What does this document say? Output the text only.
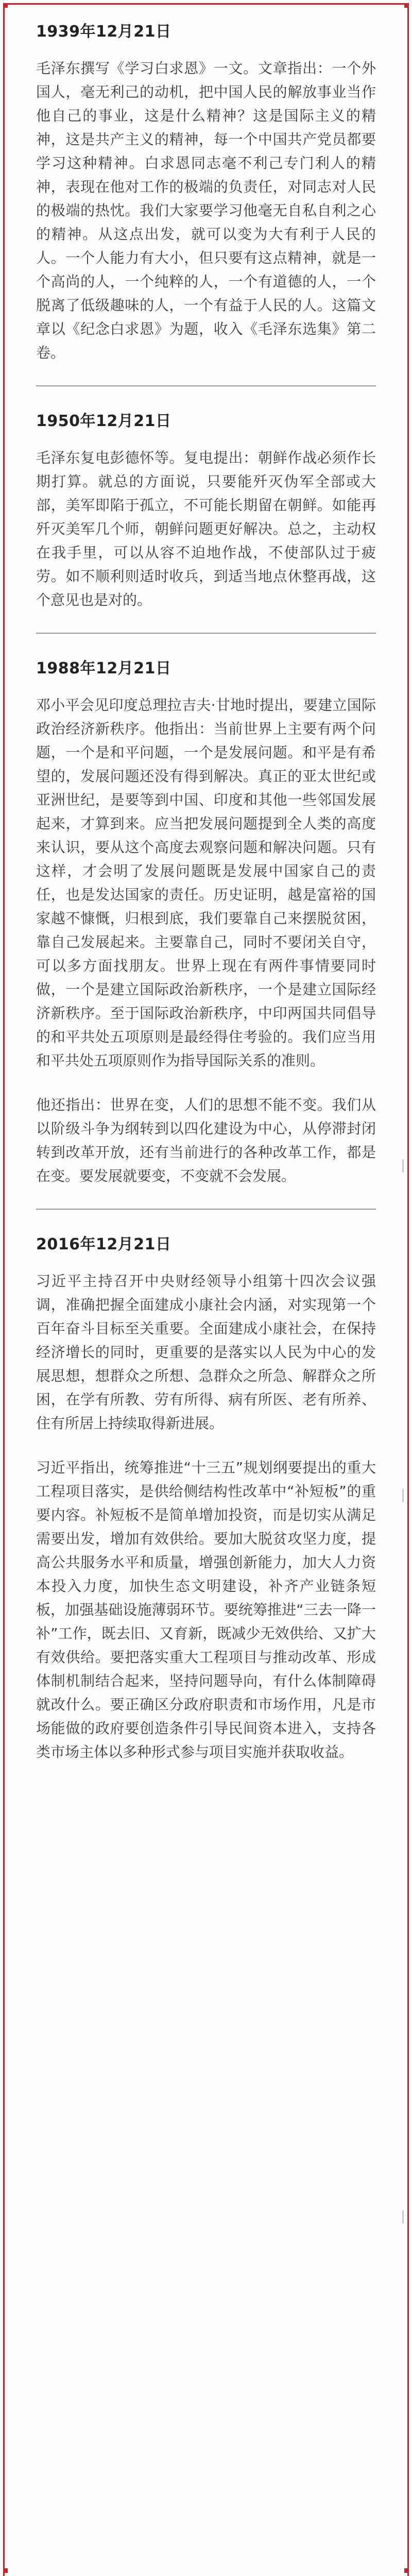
1939年12月21日

毛泽东撰写《学习白求恩》一文。文章指出：一个外国人，毫无利己的动机，把中国人民的解放事业当作他自己的事业，这是什么精神？这是国际主义的精神，这是共产主义的精神，每一个中国共产党员都要学习这种精神。白求恩同志毫不利己专门利人的精神，表现在他对工作的极端的负责任，对同志对人民的极端的热忱。我们大家要学习他毫无自私自利之心的精神。从这点出发，就可以变为大有利于人民的人。一个人能力有大小，但只要有这点精神，就是一个高尚的人，一个纯粹的人，一个有道德的人，一个脱离了低级趣味的人，一个有益于人民的人。这篇文章以《纪念白求恩》为题，收入《毛泽东选集》第二卷。

1950年12月21日

毛泽东复电彭德怀等。复电提出：朝鲜作战必须作长期打算。就总的方面说，只要能歼灭伪军全部或大部，美军即陷于孤立，不可能长期留在朝鲜。如能再歼灭美军几个师，朝鲜问题更好解决。总之，主动权在我手里，可以从容不迫地作战，不使部队过于疲劳。如不顺利则适时收兵，到适当地点休整再战，这个意见也是对的。

1988年12月21日

邓小平会见印度总理拉吉夫·甘地时提出，要建立国际政治经济新秩序。他指出：当前世界上主要有两个问题，一个是和平问题，一个是发展问题。和平是有希望的，发展问题还没有得到解决。真正的亚太世纪或亚洲世纪，是要等到中国、印度和其他一些邻国发展起来，才算到来。应当把发展问题提到全人类的高度来认识，要从这个高度去观察问题和解决问题。只有这样，才会明了发展问题既是发展中国家自己的责任，也是发达国家的责任。历史证明，越是富裕的国家越不慷慨，归根到底，我们要靠自己来摆脱贫困，靠自己发展起来。主要靠自己，同时不要闭关自守，可以多方面找朋友。世界上现在有两件事情要同时做，一个是建立国际政治新秩序，一个是建立国际经济新秩序。至于国际政治新秩序，中印两国共同倡导的和平共处五项原则是最经得住考验的。我们应当用和平共处五项原则作为指导国际关系的准则。

他还指出：世界在变，人们的思想不能不变。我们从以阶级斗争为纲转到以四化建设为中心，从停滞封闭转到改革开放，还有当前进行的各种改革工作，都是在变。要发展就要变，不变就不会发展。

2016年12月21日

习近平主持召开中央财经领导小组第十四次会议强调，准确把握全面建成小康社会内涵，对实现第一个百年奋斗目标至关重要。全面建成小康社会，在保持经济增长的同时，更重要的是落实以人民为中心的发展思想，想群众之所想、急群众之所急、解群众之所困，在学有所教、劳有所得、病有所医、老有所养、住有所居上持续取得新进展。

习近平指出，统筹推进“十三五”规划纲要提出的重大工程项目落实，是供给侧结构性改革中“补短板”的重要内容。补短板不是简单增加投资，而是切实从满足需要出发，增加有效供给。要加大脱贫攻坚力度，提高公共服务水平和质量，增强创新能力，加大人力资本投入力度，加快生态文明建设，补齐产业链条短板，加强基础设施薄弱环节。要统筹推进“三去一降一补”工作，既去旧、又育新，既减少无效供给、又扩大有效供给。要把落实重大工程项目与推动改革、形成体制机制结合起来，坚持问题导向，有什么体制障碍就改什么。要正确区分政府职责和市场作用，凡是市场能做的政府要创造条件引导民间资本进入，支持各类市场主体以多种形式参与项目实施并获取收益。
